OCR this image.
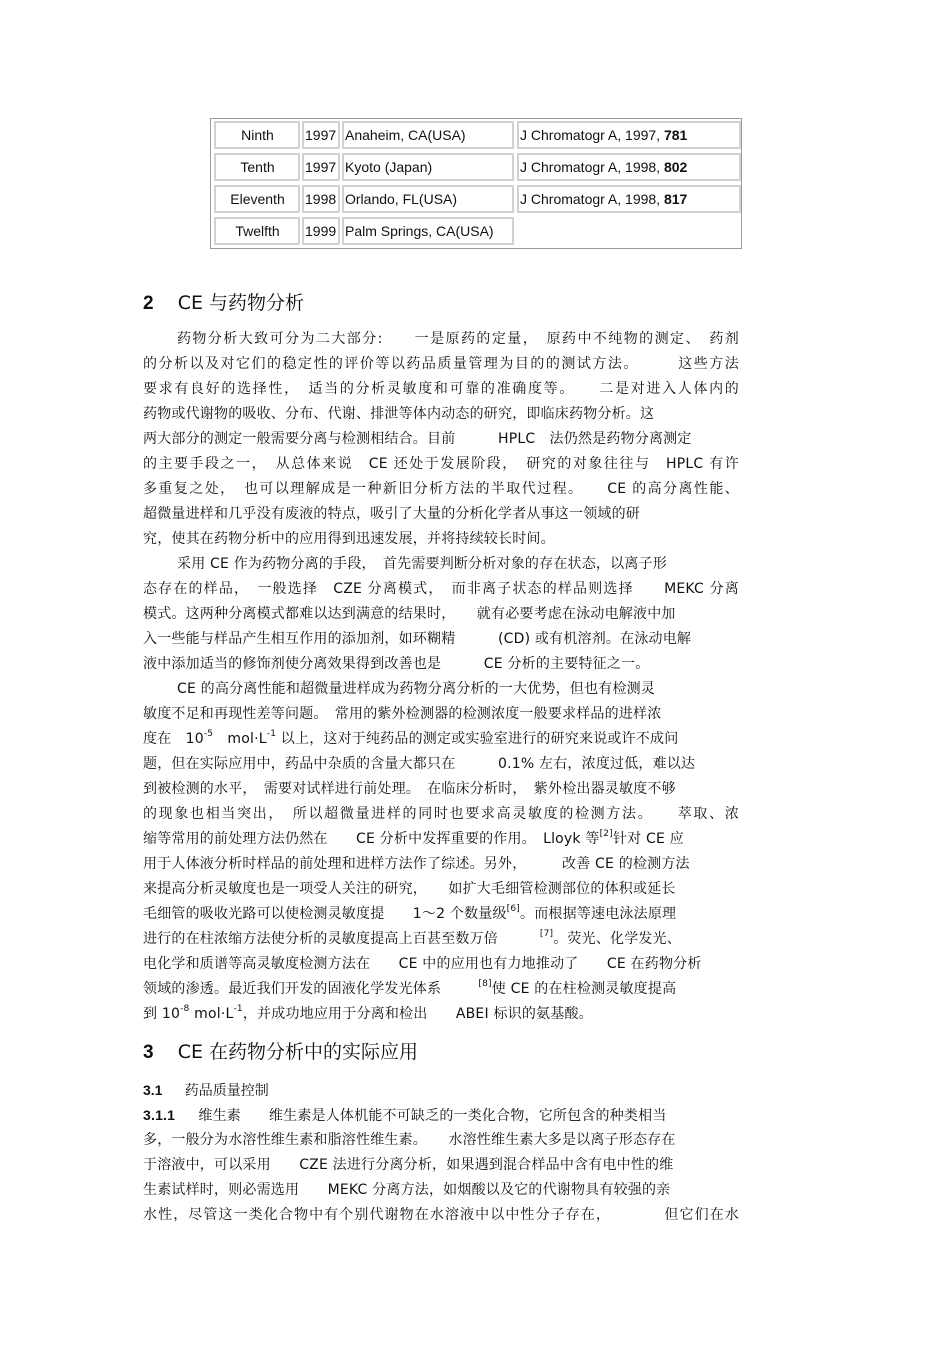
Ninth	1997 Anaheim, CA(USA)	J Chromatogr A, 1997, 781
Tenth	1997 Kyoto (Japan)	J Chromatogr A, 1998, 802
Eleventh	1998 Orlando, FL(USA)	J Chromatogr A, 1998, 817
Twelfth	1999 Palm Springs, CA(USA)
2 CE 与药物分析
药物分析大致可分为二大部分:　　一是原药的定量，　原药中不纯物的测定、　药剂
的分析以及对它们的稳定性的评价等以药品质量管理为目的的测试方法。　　　这些方法
要求有良好的选择性，　适当的分析灵敏度和可靠的准确度等。　　二是对进入人体内的
药物或代谢物的吸收、分布、代谢、排泄等体内动态的研究，即临床药物分析。这
两大部分的测定一般需要分离与检测相结合。目前　　　HPLC　法仍然是药物分离测定
的主要手段之一，　从总体来说　CE 还处于发展阶段，　研究的对象往往与　HPLC 有许
多重复之处，　也可以理解成是一种新旧分析方法的半取代过程。　　CE 的高分离性能、
超微量进样和几乎没有废液的特点，吸引了大量的分析化学者从事这一领域的研
究，使其在药物分析中的应用得到迅速发展，并将持续较长时间。
采用 CE 作为药物分离的手段，　首先需要判断分析对象的存在状态，以离子形
态存在的样品，　一般选择　CZE 分离模式，　而非离子状态的样品则选择　　MEKC 分离
模式。这两种分离模式都难以达到满意的结果时，　　就有必要考虑在泳动电解液中加
入一些能与样品产生相互作用的添加剂，如环糊精　　　(CD) 或有机溶剂。在泳动电解
液中添加适当的修饰剂使分离效果得到改善也是　　　CE 分析的主要特征之一。
CE 的高分离性能和超微量进样成为药物分离分析的一大优势，但也有检测灵
敏度不足和再现性差等问题。　常用的紫外检测器的检测浓度一般要求样品的进样浓
度在　$10^{-5}$　$mol\cdot L^{-1}$ 以上，这对于纯药品的测定或实验室进行的研究来说或许不成问
题，但在实际应用中，药品中杂质的含量大都只在　　　0.1% 左右，浓度过低，难以达
到被检测的水平，　需要对试样进行前处理。　在临床分析时，　紫外检出器灵敏度不够
的现象也相当突出，　所以超微量进样的同时也要求高灵敏度的检测方法。　　萃取、浓
缩等常用的前处理方法仍然在　　CE 分析中发挥重要的作用。　Lloyk 等[2]针对 CE 应
用于人体液分析时样品的前处理和进样方法作了综述。另外，　　　改善 CE 的检测方法
来提高分析灵敏度也是一项受人关注的研究，　　如扩大毛细管检测部位的体积或延长
毛细管的吸收光路可以使检测灵敏度提　　1～2 个数量级[6]。而根据等速电泳法原理
进行的在柱浓缩方法使分析的灵敏度提高上百甚至数万倍	[7]。荧光、化学发光、
电化学和质谱等高灵敏度检测方法在　　CE 中的应用也有力地推动了　　CE 在药物分析
领域的渗透。最近我们开发的固液化学发光体系	[8]使 CE 的在柱检测灵敏度提高
到 $10^{-8}$ $mol\cdot L^{-1}$，并成功地应用于分离和检出　　ABEI 标识的氨基酸。
3 CE 在药物分析中的实际应用
3.1 药品质量控制
3.1.1 维生素 维生素是人体机能不可缺乏的一类化合物，它所包含的种类相当
多，一般分为水溶性维生素和脂溶性维生素。　　水溶性维生素大多是以离子形态存在
于溶液中，可以采用　　CZE 法进行分离分析，如果遇到混合样品中含有电中性的维
生素试样时，则必需选用　　MEKC 分离方法，如烟酸以及它的代谢物具有较强的亲
水性，尽管这一类化合物中有个别代谢物在水溶液中以中性分子存在，　　　　但它们在水
